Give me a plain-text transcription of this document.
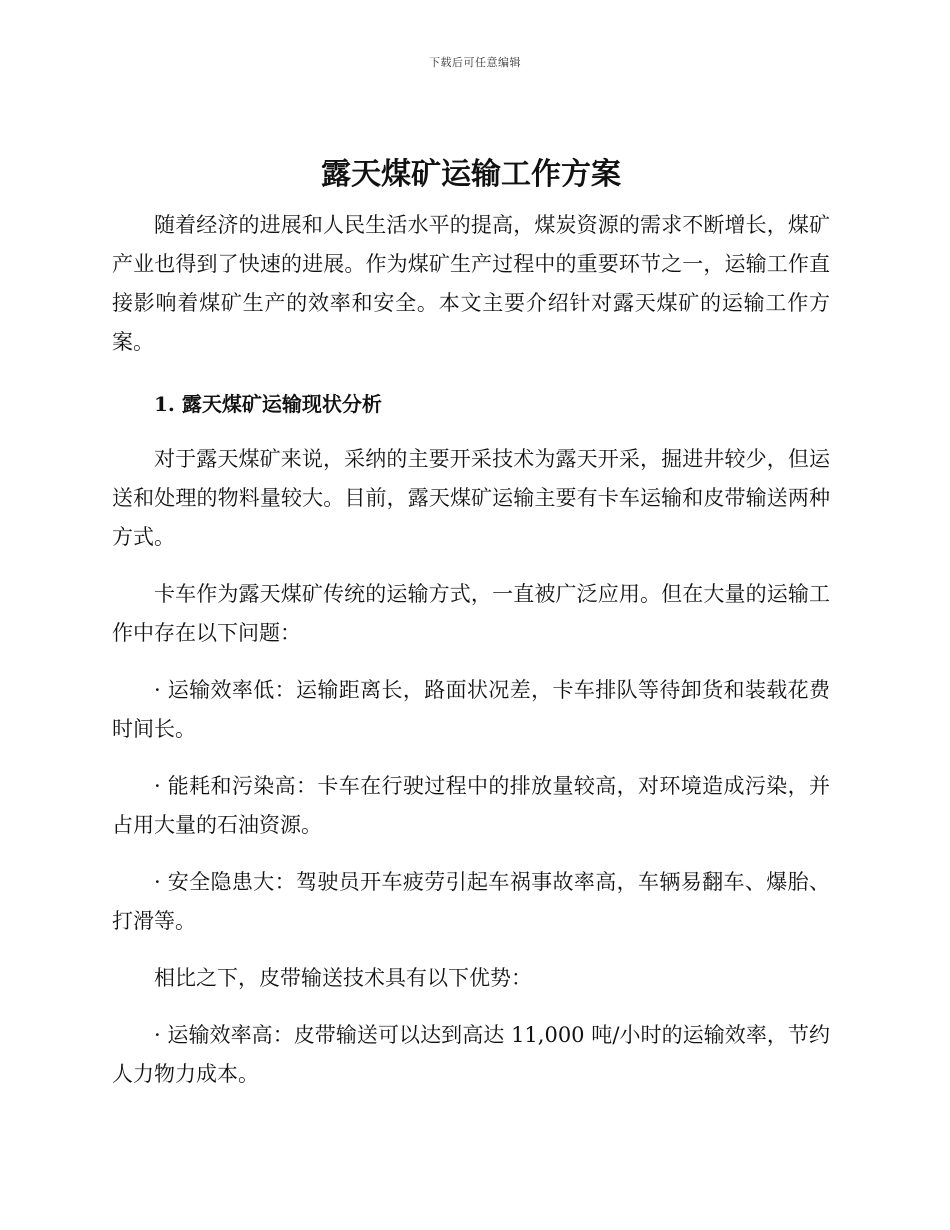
下载后可任意编辑
露天煤矿运输工作方案

随着经济的进展和人民生活水平的提高，煤炭资源的需求不断增长，煤矿产业也得到了快速的进展。作为煤矿生产过程中的重要环节之一，运输工作直接影响着煤矿生产的效率和安全。本文主要介绍针对露天煤矿的运输工作方案。

1. 露天煤矿运输现状分析

对于露天煤矿来说，采纳的主要开采技术为露天开采，掘进井较少，但运送和处理的物料量较大。目前，露天煤矿运输主要有卡车运输和皮带输送两种方式。

卡车作为露天煤矿传统的运输方式，一直被广泛应用。但在大量的运输工作中存在以下问题：

· 运输效率低：运输距离长，路面状况差，卡车排队等待卸货和装载花费时间长。

· 能耗和污染高：卡车在行驶过程中的排放量较高，对环境造成污染，并占用大量的石油资源。

· 安全隐患大：驾驶员开车疲劳引起车祸事故率高，车辆易翻车、爆胎、打滑等。

相比之下，皮带输送技术具有以下优势：

· 运输效率高：皮带输送可以达到高达 11,000 吨/小时的运输效率，节约人力物力成本。
